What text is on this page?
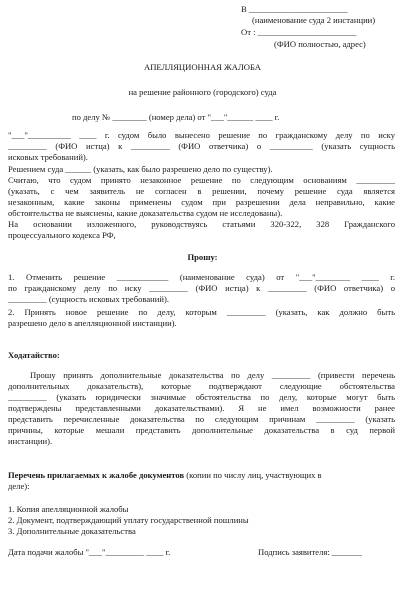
В _______________________
(наименование суда 2 инстанции)
От : _______________________
(ФИО полностью, адрес)
АПЕЛЛЯЦИОННАЯ ЖАЛОБА
на решение районного (городского) суда
по делу № ________ (номер дела) от "___"______ ____ г.
"___"__________ ____ г. судом было вынесено решение по гражданскому делу по иску
_________ (ФИО истца) к _________ (ФИО ответчика) о __________ (указать сущность
исковых требований).
Решением суда ______ (указать, как было разрешено дело по существу).
Считаю, что судом принято незаконное решение по следующим основаниям _________
(указать, с чем заявитель не согласен в решении, почему решение суда является
незаконным, какие законы применены судом при разрешении дела неправильно, какие
обстоятельства не выяснены, какие доказательства судом не исследованы).
На основании изложенного, руководствуясь статьями 320-322, 328 Гражданского
процессуального кодекса РФ,
Прошу:
1. Отменить решение ____________ (наименование суда) от "___"________ ____ г.
по гражданскому делу по иску _________ (ФИО истца) к _________ (ФИО ответчика) о
_________ (сущность исковых требований).
2. Принять новое решение по делу, которым _________ (указать, как должно быть
разрешено дело в апелляционной инстанции).
Ходатайство:
Прошу принять дополнительные доказательства по делу _________ (привести перечень
дополнительных доказательств), которые подтверждают следующие обстоятельства
_________ (указать юридически значимые обстоятельства по делу, которые могут быть
подтверждены представленными доказательствами). Я не имел возможности ранее
представить перечисленные доказательства по следующим причинам _________ (указать
причины, которые мешали представить дополнительные доказательства в суд первой
инстанции).
Перечень прилагаемых к жалобе документов (копии по числу лиц, участвующих в
деле):
1. Копия апелляционной жалобы
2. Документ, подтверждающий уплату государственной пошлины
3. Дополнительные доказательства
Дата подачи жалобы "___"_________ ____ г.	Подпись заявителя: _______
